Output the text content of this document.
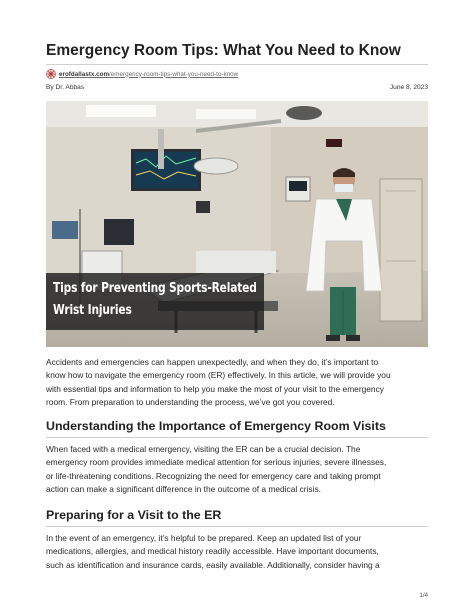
Emergency Room Tips: What You Need to Know
erofdallastx.com/emergency-room-tips-what-you-need-to-know
By Dr. Abbas	June 8, 2023
Tips for Preventing Sports-Related
Wrist Injuries
Accidents and emergencies can happen unexpectedly, and when they do, it’s important to
know how to navigate the emergency room (ER) effectively. In this article, we will provide you
with essential tips and information to help you make the most of your visit to the emergency
room. From preparation to understanding the process, we’ve got you covered.
Understanding the Importance of Emergency Room Visits
When faced with a medical emergency, visiting the ER can be a crucial decision. The
emergency room provides immediate medical attention for serious injuries, severe illnesses,
or life-threatening conditions. Recognizing the need for emergency care and taking prompt
action can make a significant difference in the outcome of a medical crisis.
Preparing for a Visit to the ER
In the event of an emergency, it’s helpful to be prepared. Keep an updated list of your
medications, allergies, and medical history readily accessible. Have important documents,
such as identification and insurance cards, easily available. Additionally, consider having a
1/4
